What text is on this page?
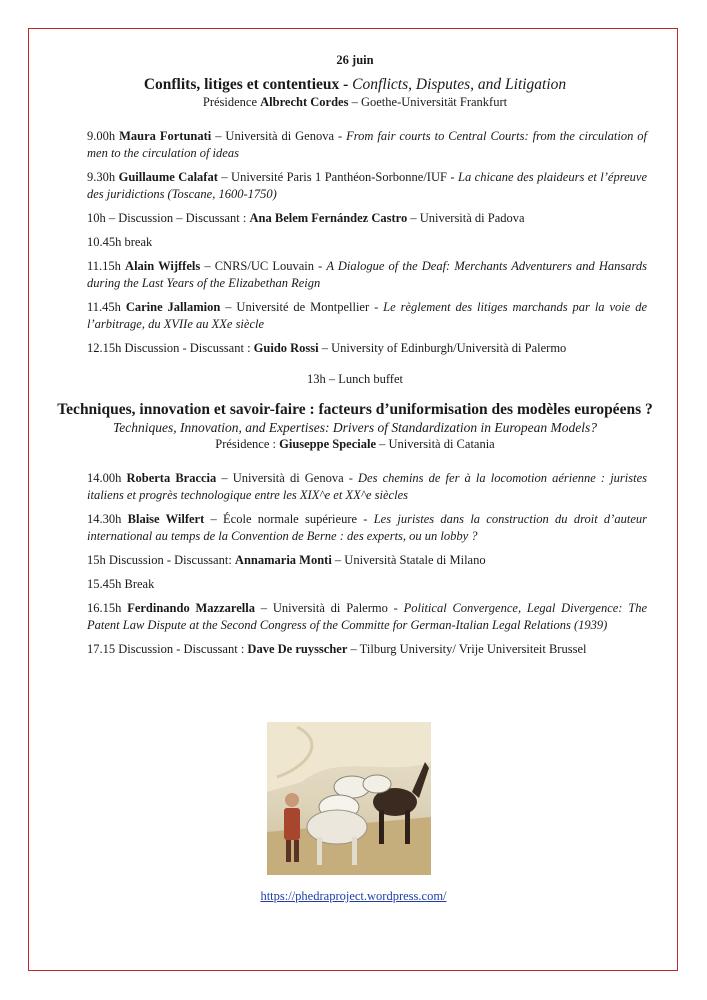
26 juin
Conflits, litiges et contentieux - Conflicts, Disputes, and Litigation
Présidence Albrecht Cordes – Goethe-Universität Frankfurt
9.00h Maura Fortunati – Università di Genova - From fair courts to Central Courts: from the circulation of men to the circulation of ideas
9.30h Guillaume Calafat – Université Paris 1 Panthéon-Sorbonne/IUF - La chicane des plaideurs et l’épreuve des juridictions (Toscane, 1600-1750)
10h – Discussion – Discussant : Ana Belem Fernández Castro – Università di Padova
10.45h break
11.15h Alain Wijffels – CNRS/UC Louvain - A Dialogue of the Deaf: Merchants Adventurers and Hansards during the Last Years of the Elizabethan Reign
11.45h Carine Jallamion – Université de Montpellier - Le règlement des litiges marchands par la voie de l’arbitrage, du XVIIe au XXe siècle
12.15h Discussion - Discussant : Guido Rossi – University of Edinburgh/Università di Palermo
13h – Lunch buffet
Techniques, innovation et savoir-faire : facteurs d’uniformisation des modèles européens ?
Techniques, Innovation, and Expertises: Drivers of Standardization in European Models?
Présidence : Giuseppe Speciale – Università di Catania
14.00h Roberta Braccia – Università di Genova - Des chemins de fer à la locomotion aérienne : juristes italiens et progrès technologique entre les XIX^e et XX^e siècles
14.30h Blaise Wilfert – École normale supérieure - Les juristes dans la construction du droit d’auteur international au temps de la Convention de Berne : des experts, ou un lobby ?
15h Discussion - Discussant: Annamaria Monti – Università Statale di Milano
15.45h Break
16.15h Ferdinando Mazzarella – Università di Palermo - Political Convergence, Legal Divergence: The Patent Law Dispute at the Second Congress of the Committe for German-Italian Legal Relations (1939)
17.15 Discussion - Discussant : Dave De ruysscher – Tilburg University/ Vrije Universiteit Brussel
https://phedraproject.wordpress.com/
